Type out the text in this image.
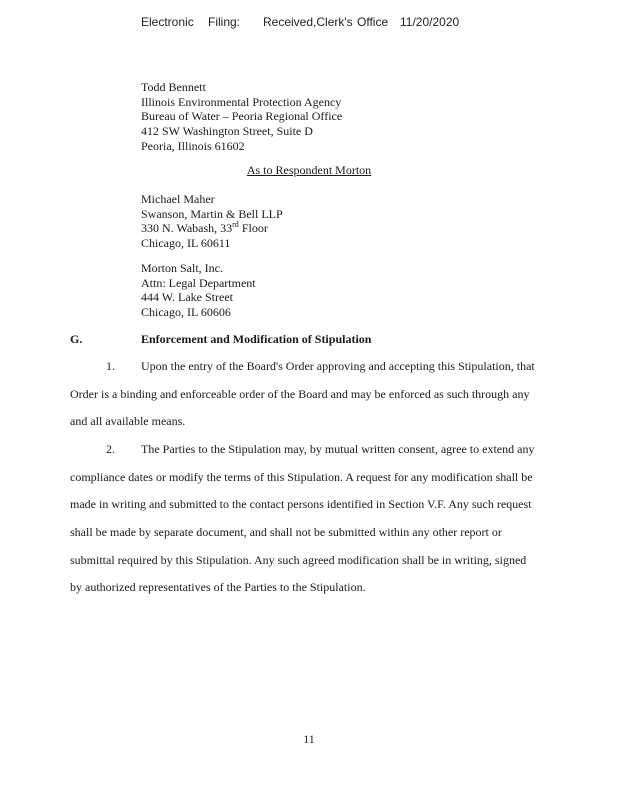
Electronic Filing: Received,Clerk's Office 11/20/2020
Todd Bennett
Illinois Environmental Protection Agency
Bureau of Water – Peoria Regional Office
412 SW Washington Street, Suite D
Peoria, Illinois 61602
As to Respondent Morton
Michael Maher
Swanson, Martin & Bell LLP
330 N. Wabash, 33rd Floor
Chicago, IL 60611
Morton Salt, Inc.
Attn: Legal Department
444 W. Lake Street
Chicago, IL 60606
G.	Enforcement and Modification of Stipulation
1. Upon the entry of the Board's Order approving and accepting this Stipulation, that
Order is a binding and enforceable order of the Board and may be enforced as such through any
and all available means.
2. The Parties to the Stipulation may, by mutual written consent, agree to extend any
compliance dates or modify the terms of this Stipulation. A request for any modification shall be
made in writing and submitted to the contact persons identified in Section V.F. Any such request
shall be made by separate document, and shall not be submitted within any other report or
submittal required by this Stipulation. Any such agreed modification shall be in writing, signed
by authorized representatives of the Parties to the Stipulation.
11
